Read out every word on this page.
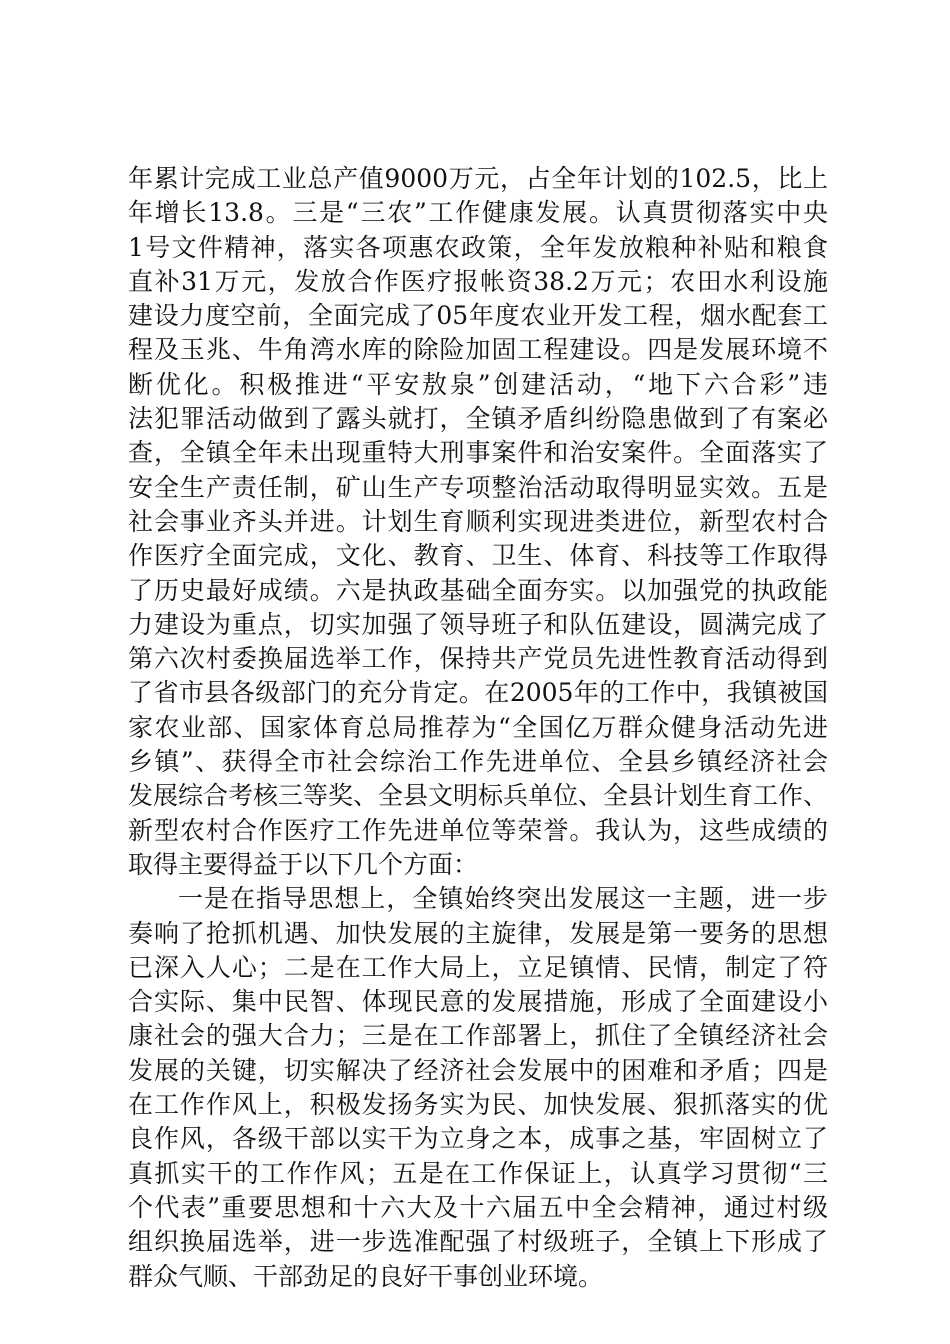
年累计完成工业总产值9000万元，占全年计划的102.5，比上
年增长13.8。三是“三农”工作健康发展。认真贯彻落实中央
1号文件精神，落实各项惠农政策，全年发放粮种补贴和粮食
直补31万元，发放合作医疗报帐资38.2万元；农田水利设施
建设力度空前，全面完成了05年度农业开发工程，烟水配套工
程及玉兆、牛角湾水库的除险加固工程建设。四是发展环境不
断优化。积极推进“平安敖泉”创建活动，“地下六合彩”违
法犯罪活动做到了露头就打，全镇矛盾纠纷隐患做到了有案必
查，全镇全年未出现重特大刑事案件和治安案件。全面落实了
安全生产责任制，矿山生产专项整治活动取得明显实效。五是
社会事业齐头并进。计划生育顺利实现进类进位，新型农村合
作医疗全面完成，文化、教育、卫生、体育、科技等工作取得
了历史最好成绩。六是执政基础全面夯实。以加强党的执政能
力建设为重点，切实加强了领导班子和队伍建设，圆满完成了
第六次村委换届选举工作，保持共产党员先进性教育活动得到
了省市县各级部门的充分肯定。在2005年的工作中，我镇被国
家农业部、国家体育总局推荐为“全国亿万群众健身活动先进
乡镇”、获得全市社会综治工作先进单位、全县乡镇经济社会
发展综合考核三等奖、全县文明标兵单位、全县计划生育工作、
新型农村合作医疗工作先进单位等荣誉。我认为，这些成绩的
取得主要得益于以下几个方面：
一是在指导思想上，全镇始终突出发展这一主题，进一步
奏响了抢抓机遇、加快发展的主旋律，发展是第一要务的思想
已深入人心；二是在工作大局上，立足镇情、民情，制定了符
合实际、集中民智、体现民意的发展措施，形成了全面建设小
康社会的强大合力；三是在工作部署上，抓住了全镇经济社会
发展的关键，切实解决了经济社会发展中的困难和矛盾；四是
在工作作风上，积极发扬务实为民、加快发展、狠抓落实的优
良作风，各级干部以实干为立身之本，成事之基，牢固树立了
真抓实干的工作作风；五是在工作保证上，认真学习贯彻“三
个代表”重要思想和十六大及十六届五中全会精神，通过村级
组织换届选举，进一步选准配强了村级班子，全镇上下形成了
群众气顺、干部劲足的良好干事创业环境。
